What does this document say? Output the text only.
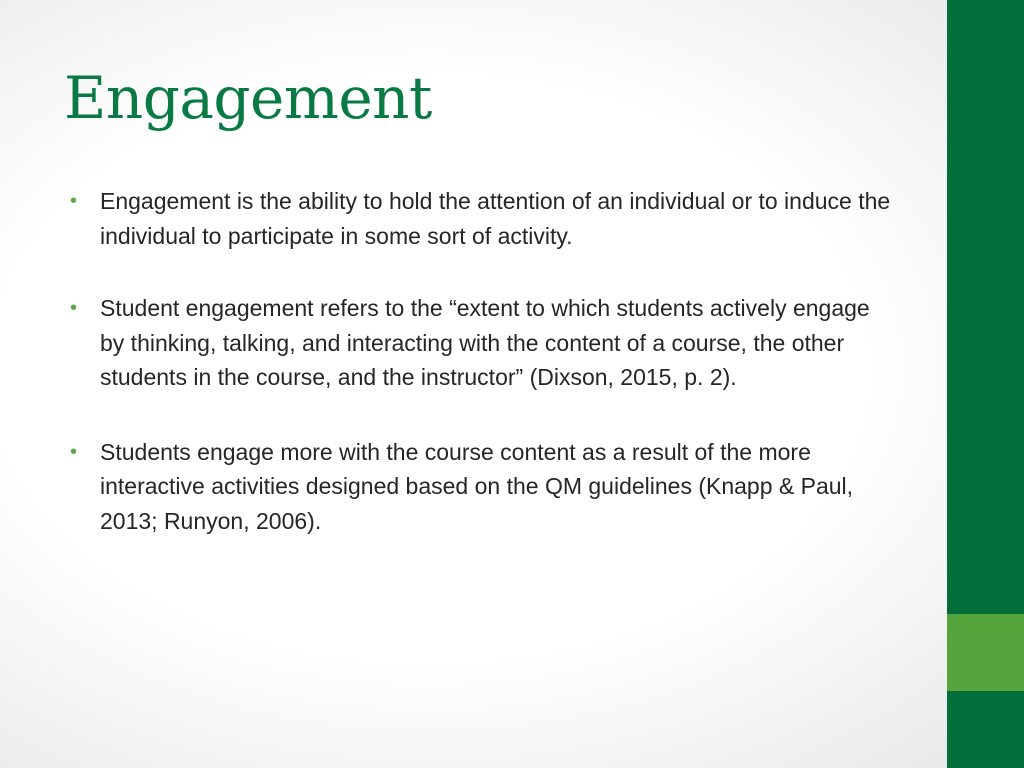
Engagement
• Engagement is the ability to hold the attention of an individual or to induce the individual to participate in some sort of activity.
• Student engagement refers to the “extent to which students actively engage by thinking, talking, and interacting with the content of a course, the other students in the course, and the instructor” (Dixson, 2015, p. 2).
• Students engage more with the course content as a result of the more interactive activities designed based on the QM guidelines (Knapp & Paul, 2013; Runyon, 2006).
